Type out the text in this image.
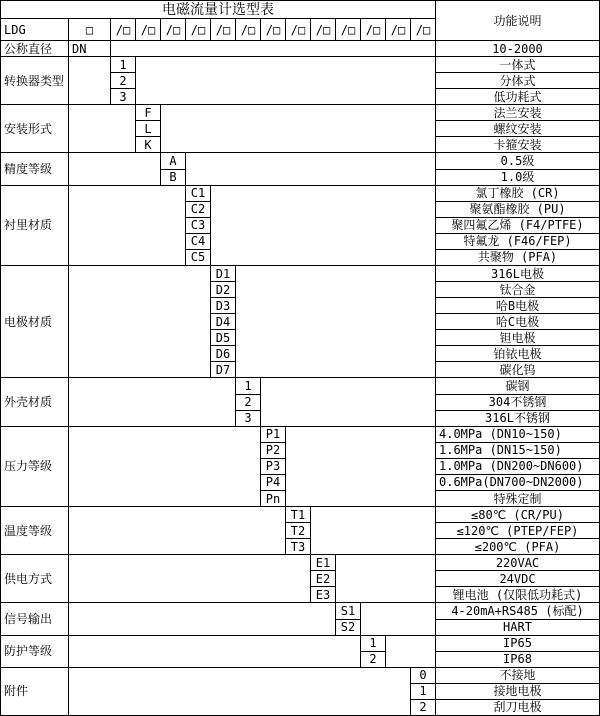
电磁流量计选型表
功能说明
LDG	□	/□ /□ /□ /□ /□ /□ /□ /□ /□ /□ /□ /□ /□
公称直径	DN	10-2000
转换器类型
1	一体式
2	分体式
3	低功耗式
安装形式
F	法兰安装
L	螺纹安装
K	卡箍安装
精度等级
A	0.5级
B	1.0级
衬里材质
C1	氯丁橡胶 (CR)
C2	聚氨酯橡胶 (PU)
C3	聚四氟乙烯 (F4/PTFE)
C4	特氟龙 (F46/FEP)
C5	共聚物 (PFA)
电极材质
D1	316L电极
D2	钛合金
D3	哈B电极
D4	哈C电极
D5	钽电极
D6	铂铱电极
D7	碳化钨
外壳材质
1	碳钢
2	304不锈钢
3	316L不锈钢
压力等级
P1	4.0MPa (DN10~150)
P2	1.6MPa (DN15~150)
P3	1.0MPa (DN200~DN600)
P4	0.6MPa(DN700~DN2000)
Pn	特殊定制
温度等级
T1	≤80℃ (CR/PU)
T2	≤120℃ (PTEP/FEP)
T3	≤200℃ (PFA)
供电方式
E1	220VAC
E2	24VDC
E3	锂电池 (仅限低功耗式)
信号输出
S1	4-20mA+RS485 (标配)
S2	HART
防护等级
1	IP65
2	IP68
附件
0	不接地
1	接地电极
2	刮刀电极
